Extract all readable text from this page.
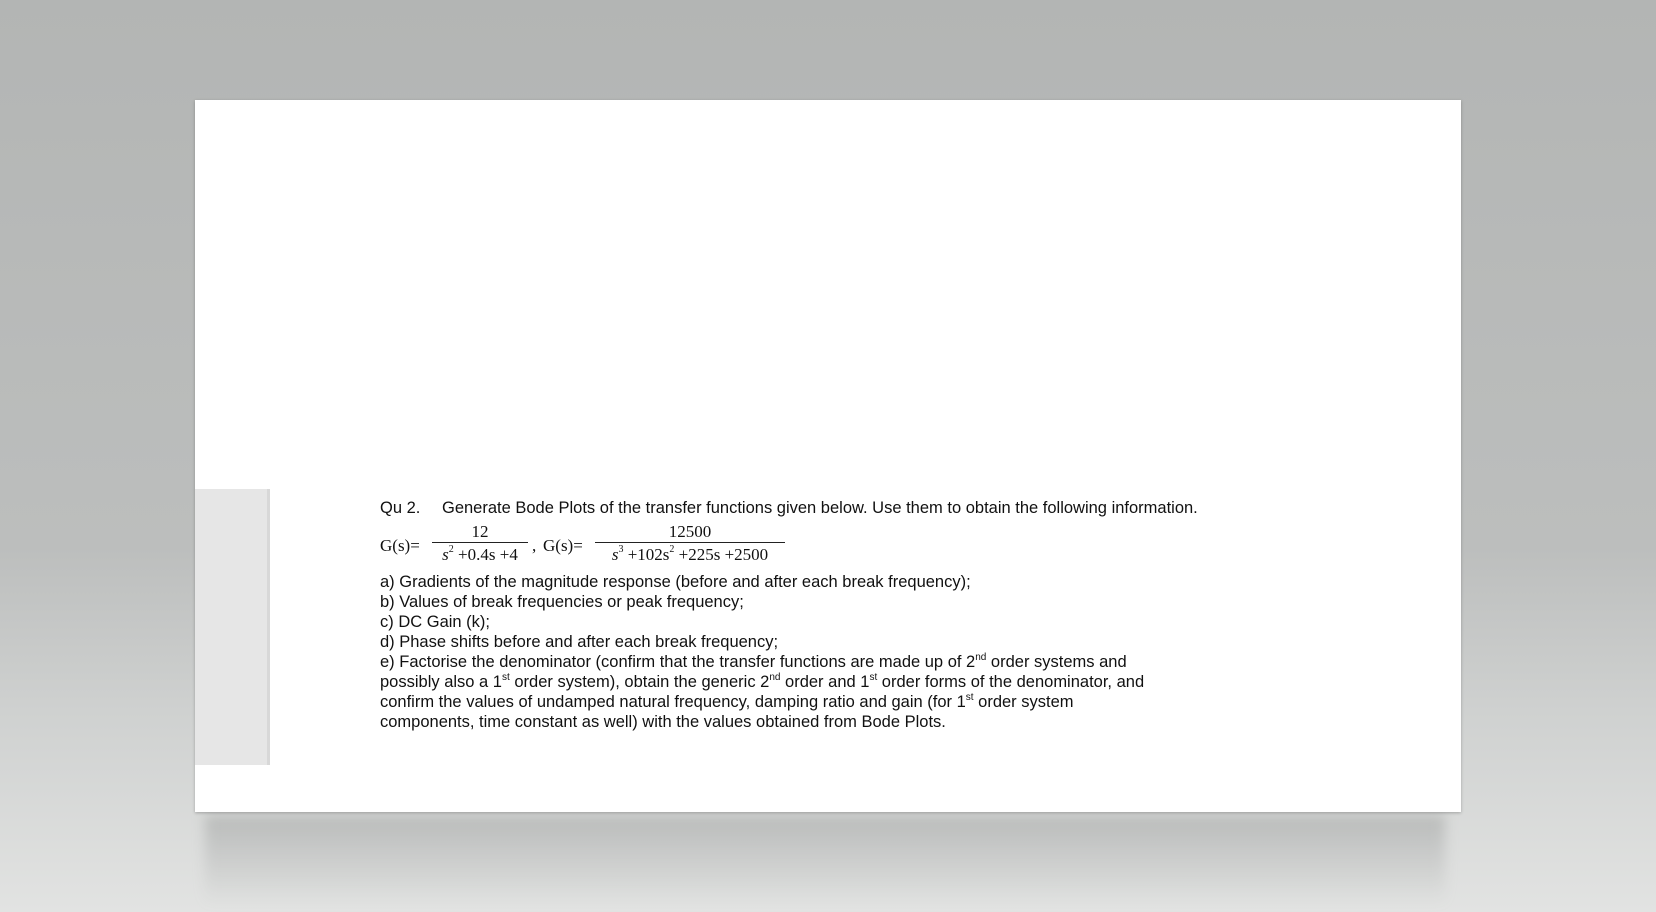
Qu 2. Generate Bode Plots of the transfer functions given below. Use them to obtain the following information.
$G(s)= \frac{12}{s^2 +0.4s +4}$ , $G(s)= \frac{12500}{s^3 +102s^2 +225s +2500}$
a) Gradients of the magnitude response (before and after each break frequency);
b) Values of break frequencies or peak frequency;
c) DC Gain (k);
d) Phase shifts before and after each break frequency;
e) Factorise the denominator (confirm that the transfer functions are made up of 2nd order systems and
possibly also a 1st order system), obtain the generic 2nd order and 1st order forms of the denominator, and
confirm the values of undamped natural frequency, damping ratio and gain (for 1st order system
components, time constant as well) with the values obtained from Bode Plots.
